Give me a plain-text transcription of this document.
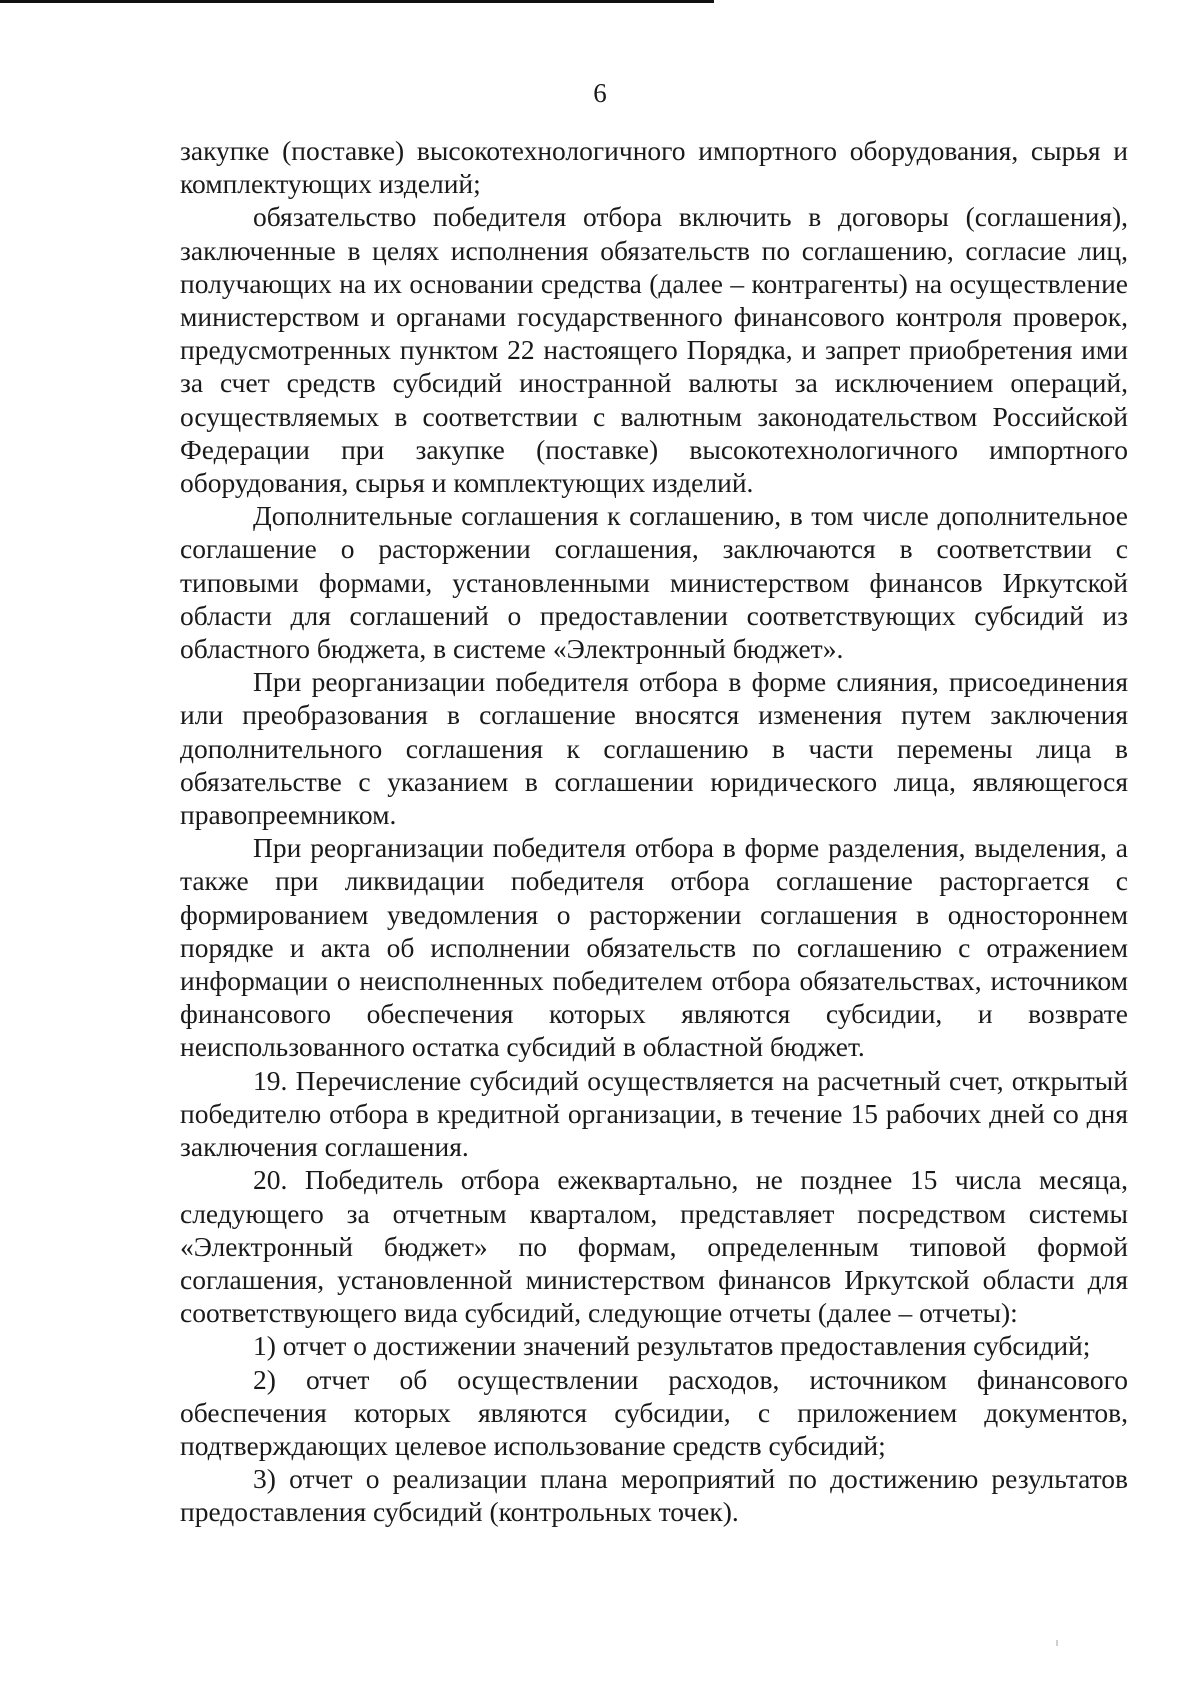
6

закупке (поставке) высокотехнологичного импортного оборудования, сырья и комплектующих изделий;

обязательство победителя отбора включить в договоры (соглашения), заключенные в целях исполнения обязательств по соглашению, согласие лиц, получающих на их основании средства (далее – контрагенты) на осуществление министерством и органами государственного финансового контроля проверок, предусмотренных пунктом 22 настоящего Порядка, и запрет приобретения ими за счет средств субсидий иностранной валюты за исключением операций, осуществляемых в соответствии с валютным законодательством Российской Федерации при закупке (поставке) высокотехнологичного импортного оборудования, сырья и комплектующих изделий.

Дополнительные соглашения к соглашению, в том числе дополнительное соглашение о расторжении соглашения, заключаются в соответствии с типовыми формами, установленными министерством финансов Иркутской области для соглашений о предоставлении соответствующих субсидий из областного бюджета, в системе «Электронный бюджет».

При реорганизации победителя отбора в форме слияния, присоединения или преобразования в соглашение вносятся изменения путем заключения дополнительного соглашения к соглашению в части перемены лица в обязательстве с указанием в соглашении юридического лица, являющегося правопреемником.

При реорганизации победителя отбора в форме разделения, выделения, а также при ликвидации победителя отбора соглашение расторгается с формированием уведомления о расторжении соглашения в одностороннем порядке и акта об исполнении обязательств по соглашению с отражением информации о неисполненных победителем отбора обязательствах, источником финансового обеспечения которых являются субсидии, и возврате неиспользованного остатка субсидий в областной бюджет.

19. Перечисление субсидий осуществляется на расчетный счет, открытый победителю отбора в кредитной организации, в течение 15 рабочих дней со дня заключения соглашения.

20. Победитель отбора ежеквартально, не позднее 15 числа месяца, следующего за отчетным кварталом, представляет посредством системы «Электронный бюджет» по формам, определенным типовой формой соглашения, установленной министерством финансов Иркутской области для соответствующего вида субсидий, следующие отчеты (далее – отчеты):

1) отчет о достижении значений результатов предоставления субсидий;

2) отчет об осуществлении расходов, источником финансового обеспечения которых являются субсидии, с приложением документов, подтверждающих целевое использование средств субсидий;

3) отчет о реализации плана мероприятий по достижению результатов предоставления субсидий (контрольных точек).
